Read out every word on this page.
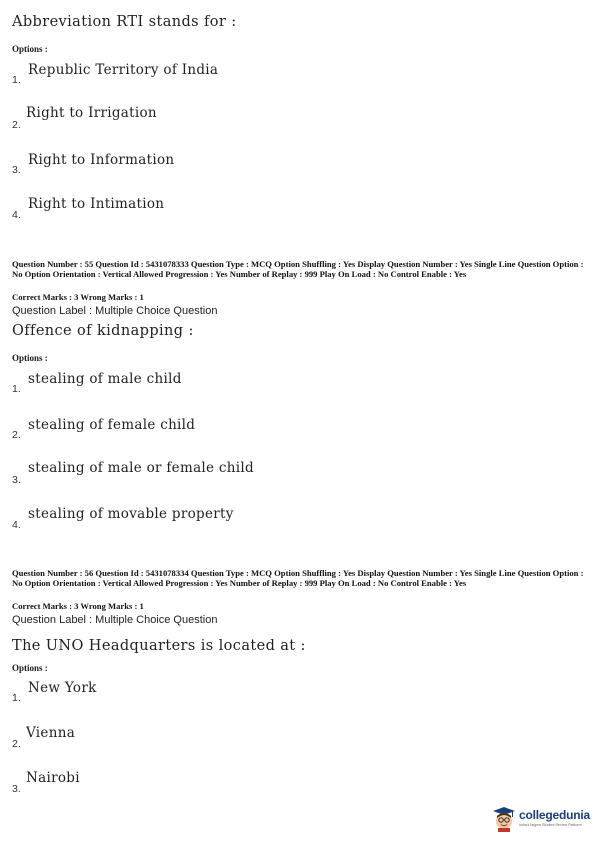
Abbreviation RTI stands for :
Options :
Republic Territory of India
1.
Right to Irrigation
2.
Right to Information
3.
Right to Intimation
4.
Question Number : 55 Question Id : 5431078333 Question Type : MCQ Option Shuffling : Yes Display Question Number : Yes Single Line Question Option : No Option Orientation : Vertical Allowed Progression : Yes Number of Replay : 999 Play On Load : No Control Enable : Yes
Correct Marks : 3 Wrong Marks : 1
Question Label : Multiple Choice Question
Offence of kidnapping :
Options :
stealing of male child
1.
stealing of female child
2.
stealing of male or female child
3.
stealing of movable property
4.
Question Number : 56 Question Id : 5431078334 Question Type : MCQ Option Shuffling : Yes Display Question Number : Yes Single Line Question Option : No Option Orientation : Vertical Allowed Progression : Yes Number of Replay : 999 Play On Load : No Control Enable : Yes
Correct Marks : 3 Wrong Marks : 1
Question Label : Multiple Choice Question
The UNO Headquarters is located at :
Options :
New York
1.
Vienna
2.
Nairobi
3.
collegedunia
India's largest Student Review Platform
